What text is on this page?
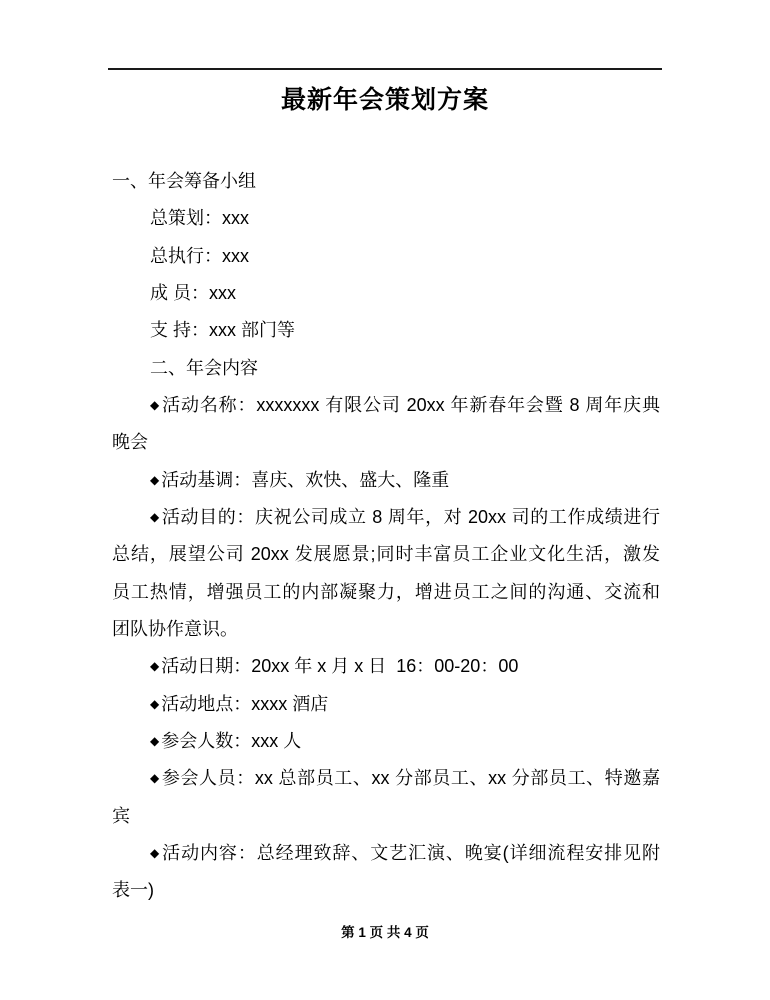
最新年会策划方案
一、年会筹备小组
总策划：xxx
总执行：xxx
成 员：xxx
支 持：xxx 部门等
二、年会内容
◆ 活动名称：xxxxxxx 有限公司 20xx 年新春年会暨 8 周年庆典
晚会
◆ 活动基调：喜庆、欢快、盛大、隆重
◆ 活动目的：庆祝公司成立 8 周年，对 20xx 司的工作成绩进行
总结，展望公司 20xx 发展愿景;同时丰富员工企业文化生活，激发
员工热情，增强员工的内部凝聚力，增进员工之间的沟通、交流和
团队协作意识。
◆ 活动日期：20xx 年 x 月 x 日  16：00-20：00
◆ 活动地点：xxxx 酒店
◆ 参会人数：xxx 人
◆ 参会人员：xx 总部员工、xx 分部员工、xx 分部员工、特邀嘉
宾
◆ 活动内容：总经理致辞、文艺汇演、晚宴(详细流程安排见附
表一)
第 1 页 共 4 页
